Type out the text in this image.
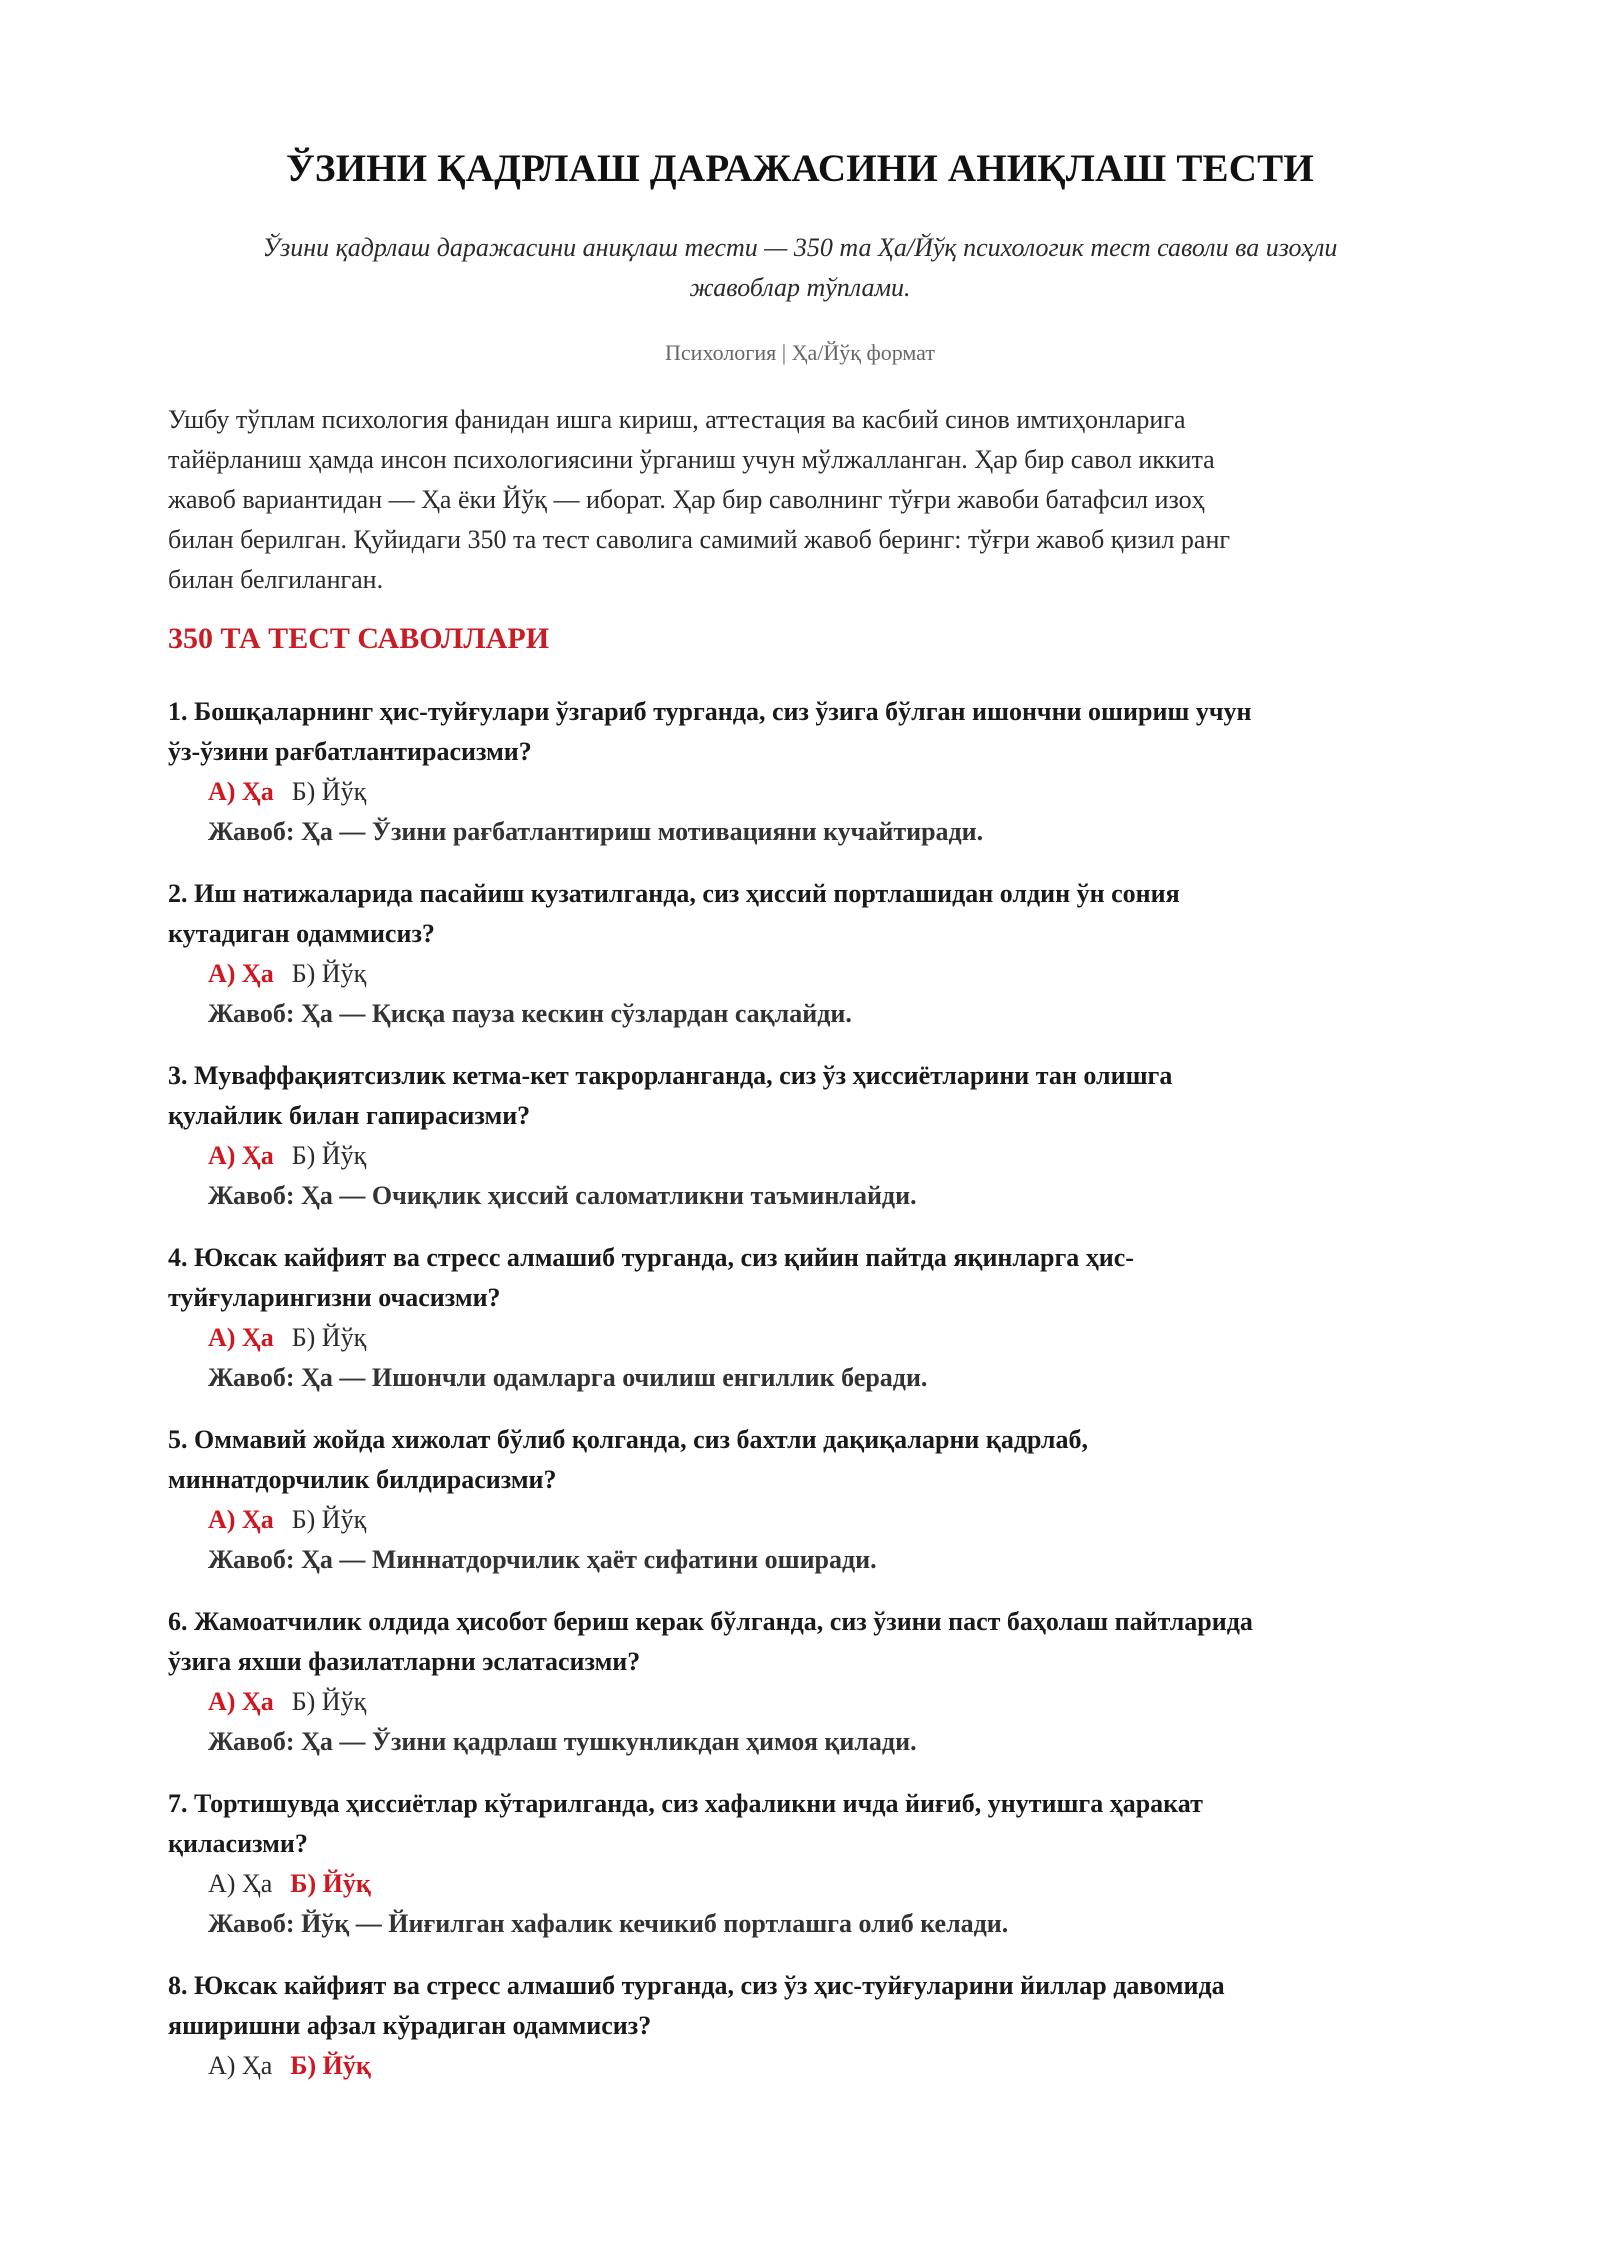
ЎЗИНИ ҚАДРЛАШ ДАРАЖАСИНИ АНИҚЛАШ ТЕСТИ
Ўзини қадрлаш даражасини аниқлаш тести — 350 та Ҳа/Йўқ психологик тест саволи ва изоҳли
жавоблар тўплами.
Психология | Ҳа/Йўқ формат
Ушбу тўплам психология фанидан ишга кириш, аттестация ва касбий синов имтиҳонларига
тайёрланиш ҳамда инсон психологиясини ўрганиш учун мўлжалланган. Ҳар бир савол иккита
жавоб вариантидан — Ҳа ёки Йўқ — иборат. Ҳар бир саволнинг тўғри жавоби батафсил изоҳ
билан берилган. Қуйидаги 350 та тест саволига самимий жавоб беринг: тўғри жавоб қизил ранг
билан белгиланган.
350 ТА ТЕСТ САВОЛЛАРИ
1. Бошқаларнинг ҳис-туйғулари ўзгариб турганда, сиз ўзига бўлган ишончни ошириш учун
ўз-ўзини рағбатлантирасизми?
А) Ҳа Б) Йўқ
Жавоб: Ҳа — Ўзини рағбатлантириш мотивацияни кучайтиради.
2. Иш натижаларида пасайиш кузатилганда, сиз ҳиссий портлашидан олдин ўн сония
кутадиган одаммисиз?
А) Ҳа Б) Йўқ
Жавоб: Ҳа — Қисқа пауза кескин сўзлардан сақлайди.
3. Муваффақиятсизлик кетма-кет такрорланганда, сиз ўз ҳиссиётларини тан олишга
қулайлик билан гапирасизми?
А) Ҳа Б) Йўқ
Жавоб: Ҳа — Очиқлик ҳиссий саломатликни таъминлайди.
4. Юксак кайфият ва стресс алмашиб турганда, сиз қийин пайтда яқинларга ҳис-
туйғуларингизни очасизми?
А) Ҳа Б) Йўқ
Жавоб: Ҳа — Ишончли одамларга очилиш енгиллик беради.
5. Оммавий жойда хижолат бўлиб қолганда, сиз бахтли дақиқаларни қадрлаб,
миннатдорчилик билдирасизми?
А) Ҳа Б) Йўқ
Жавоб: Ҳа — Миннатдорчилик ҳаёт сифатини оширади.
6. Жамоатчилик олдида ҳисобот бериш керак бўлганда, сиз ўзини паст баҳолаш пайтларида
ўзига яхши фазилатларни эслатасизми?
А) Ҳа Б) Йўқ
Жавоб: Ҳа — Ўзини қадрлаш тушкунликдан ҳимоя қилади.
7. Тортишувда ҳиссиётлар кўтарилганда, сиз хафаликни ичда йиғиб, унутишга ҳаракат
қиласизми?
А) Ҳа Б) Йўқ
Жавоб: Йўқ — Йиғилган хафалик кечикиб портлашга олиб келади.
8. Юксак кайфият ва стресс алмашиб турганда, сиз ўз ҳис-туйғуларини йиллар давомида
яширишни афзал кўрадиган одаммисиз?
А) Ҳа Б) Йўқ
